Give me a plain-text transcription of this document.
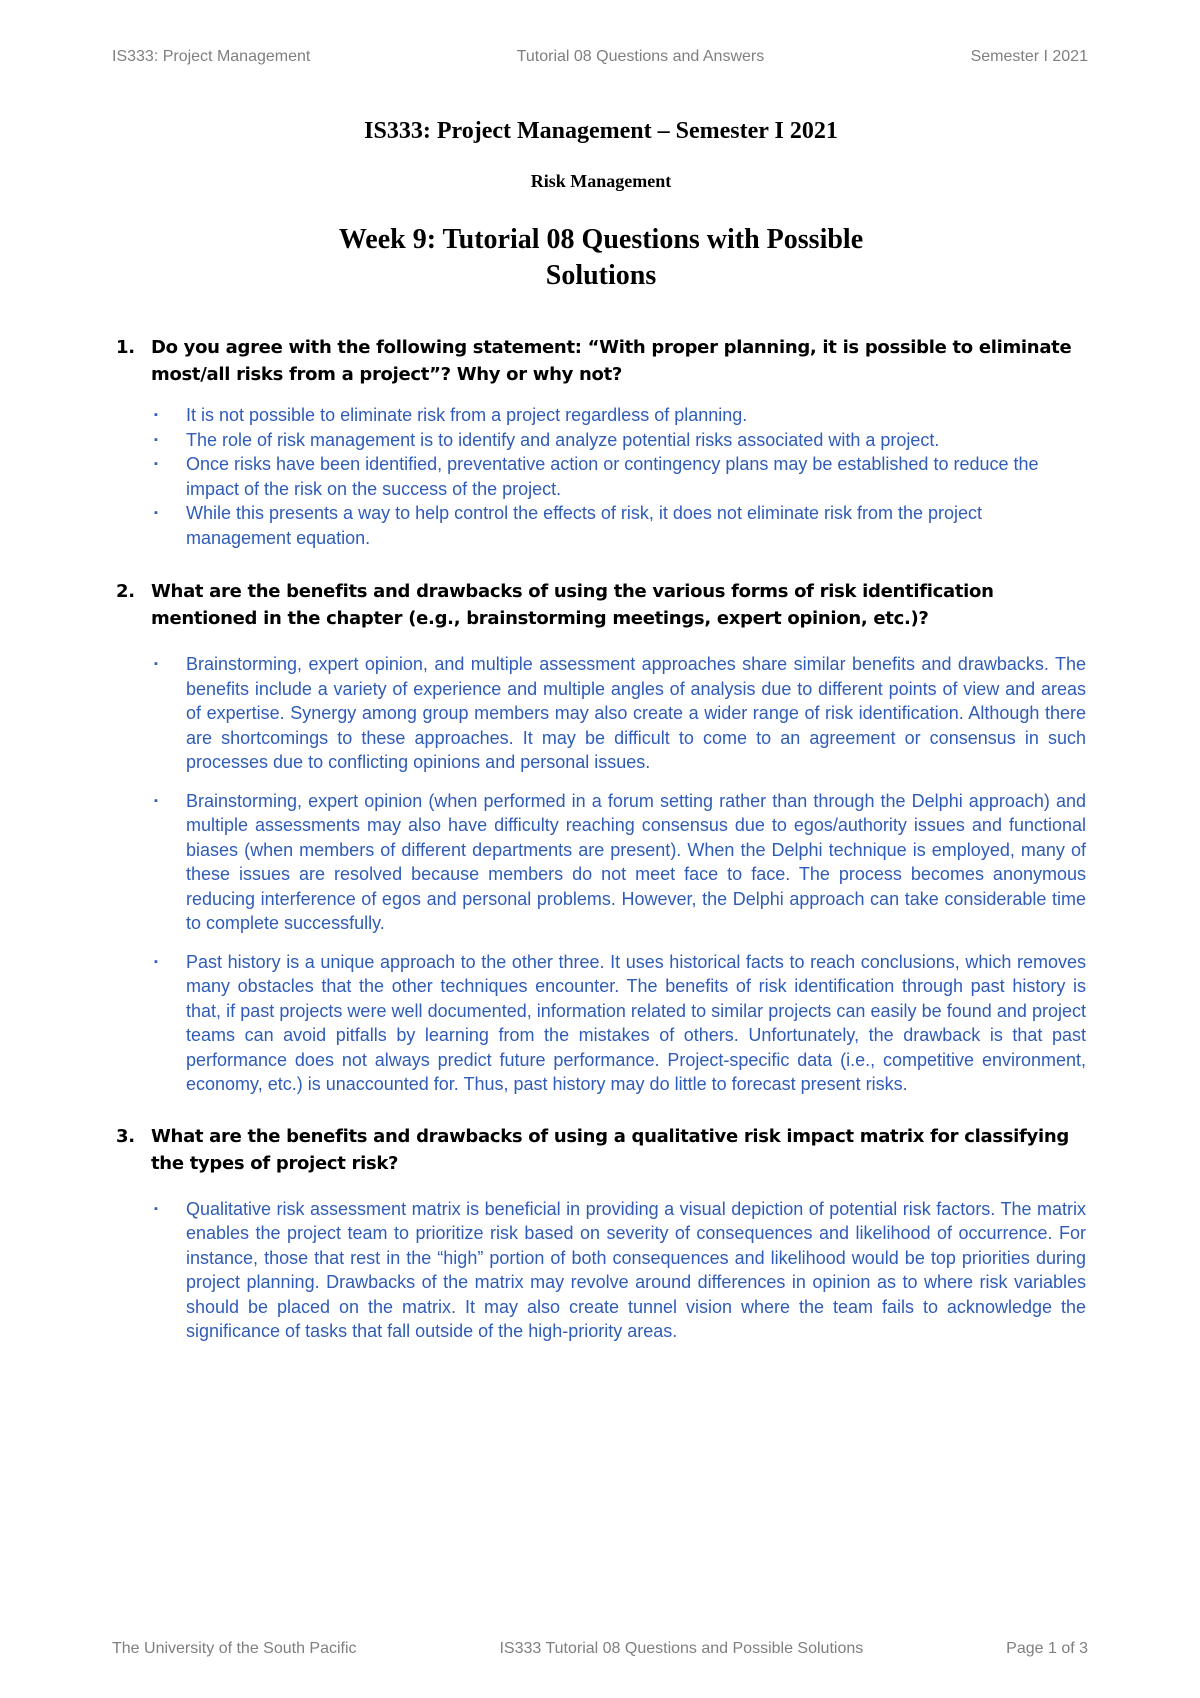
IS333: Project Management	Tutorial 08 Questions and Answers	Semester I 2021
IS333: Project Management – Semester I 2021
Risk Management
Week 9: Tutorial 08 Questions with Possible Solutions
1. Do you agree with the following statement: “With proper planning, it is possible to eliminate most/all risks from a project”? Why or why not?
▪ It is not possible to eliminate risk from a project regardless of planning.
▪ The role of risk management is to identify and analyze potential risks associated with a project.
▪ Once risks have been identified, preventative action or contingency plans may be established to reduce the impact of the risk on the success of the project.
▪ While this presents a way to help control the effects of risk, it does not eliminate risk from the project management equation.
2. What are the benefits and drawbacks of using the various forms of risk identification mentioned in the chapter (e.g., brainstorming meetings, expert opinion, etc.)?
▪ Brainstorming, expert opinion, and multiple assessment approaches share similar benefits and drawbacks. The benefits include a variety of experience and multiple angles of analysis due to different points of view and areas of expertise. Synergy among group members may also create a wider range of risk identification. Although there are shortcomings to these approaches. It may be difficult to come to an agreement or consensus in such processes due to conflicting opinions and personal issues.
▪ Brainstorming, expert opinion (when performed in a forum setting rather than through the Delphi approach) and multiple assessments may also have difficulty reaching consensus due to egos/authority issues and functional biases (when members of different departments are present). When the Delphi technique is employed, many of these issues are resolved because members do not meet face to face. The process becomes anonymous reducing interference of egos and personal problems. However, the Delphi approach can take considerable time to complete successfully.
▪ Past history is a unique approach to the other three. It uses historical facts to reach conclusions, which removes many obstacles that the other techniques encounter. The benefits of risk identification through past history is that, if past projects were well documented, information related to similar projects can easily be found and project teams can avoid pitfalls by learning from the mistakes of others. Unfortunately, the drawback is that past performance does not always predict future performance. Project-specific data (i.e., competitive environment, economy, etc.) is unaccounted for. Thus, past history may do little to forecast present risks.
3. What are the benefits and drawbacks of using a qualitative risk impact matrix for classifying the types of project risk?
▪ Qualitative risk assessment matrix is beneficial in providing a visual depiction of potential risk factors. The matrix enables the project team to prioritize risk based on severity of consequences and likelihood of occurrence. For instance, those that rest in the “high” portion of both consequences and likelihood would be top priorities during project planning. Drawbacks of the matrix may revolve around differences in opinion as to where risk variables should be placed on the matrix. It may also create tunnel vision where the team fails to acknowledge the significance of tasks that fall outside of the high-priority areas.
The University of the South Pacific	IS333 Tutorial 08 Questions and Possible Solutions	Page 1 of 3
